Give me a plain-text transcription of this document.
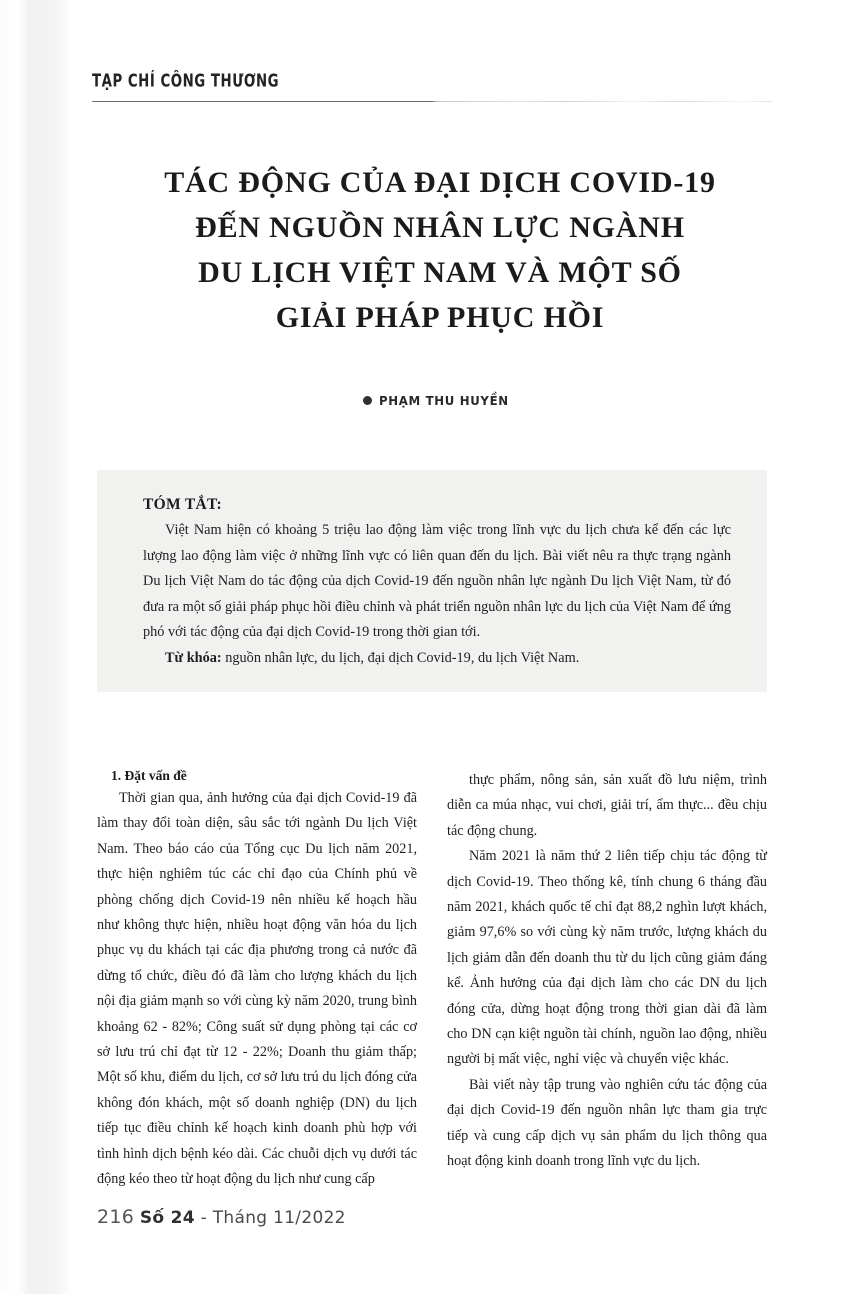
TẠP CHÍ CÔNG THƯƠNG
TÁC ĐỘNG CỦA ĐẠI DỊCH COVID-19
ĐẾN NGUỒN NHÂN LỰC NGÀNH
DU LỊCH VIỆT NAM VÀ MỘT SỐ
GIẢI PHÁP PHỤC HỒI
PHẠM THU HUYỀN
TÓM TẮT:

Việt Nam hiện có khoảng 5 triệu lao động làm việc trong lĩnh vực du lịch chưa kể đến các lực lượng lao động làm việc ở những lĩnh vực có liên quan đến du lịch. Bài viết nêu ra thực trạng ngành Du lịch Việt Nam do tác động của dịch Covid-19 đến nguồn nhân lực ngành Du lịch Việt Nam, từ đó đưa ra một số giải pháp phục hồi điều chỉnh và phát triển nguồn nhân lực du lịch của Việt Nam để ứng phó với tác động của đại dịch Covid-19 trong thời gian tới.

Từ khóa: nguồn nhân lực, du lịch, đại dịch Covid-19, du lịch Việt Nam.

1. Đặt vấn đề

Thời gian qua, ảnh hưởng của đại dịch Covid-19 đã làm thay đổi toàn diện, sâu sắc tới ngành Du lịch Việt Nam. Theo báo cáo của Tổng cục Du lịch năm 2021, thực hiện nghiêm túc các chỉ đạo của Chính phủ về phòng chống dịch Covid-19 nên nhiều kế hoạch hầu như không thực hiện, nhiều hoạt động văn hóa du lịch phục vụ du khách tại các địa phương trong cả nước đã dừng tổ chức, điều đó đã làm cho lượng khách du lịch nội địa giảm mạnh so với cùng kỳ năm 2020, trung bình khoảng 62 - 82%; Công suất sử dụng phòng tại các cơ sở lưu trú chỉ đạt từ 12 - 22%; Doanh thu giảm thấp; Một số khu, điểm du lịch, cơ sở lưu trú du lịch đóng cửa không đón khách, một số doanh nghiệp (DN) du lịch tiếp tục điều chỉnh kế hoạch kinh doanh phù hợp với tình hình dịch bệnh kéo dài. Các chuỗi dịch vụ dưới tác động kéo theo từ hoạt động du lịch như cung cấp

thực phẩm, nông sản, sản xuất đồ lưu niệm, trình diễn ca múa nhạc, vui chơi, giải trí, ẩm thực... đều chịu tác động chung.

Năm 2021 là năm thứ 2 liên tiếp chịu tác động từ dịch Covid-19. Theo thống kê, tính chung 6 tháng đầu năm 2021, khách quốc tế chỉ đạt 88,2 nghìn lượt khách, giảm 97,6% so với cùng kỳ năm trước, lượng khách du lịch giảm dẫn đến doanh thu từ du lịch cũng giảm đáng kể. Ảnh hưởng của đại dịch làm cho các DN du lịch đóng cửa, dừng hoạt động trong thời gian dài đã làm cho DN cạn kiệt nguồn tài chính, nguồn lao động, nhiều người bị mất việc, nghỉ việc và chuyển việc khác.

Bài viết này tập trung vào nghiên cứu tác động của đại dịch Covid-19 đến nguồn nhân lực tham gia trực tiếp và cung cấp dịch vụ sản phẩm du lịch thông qua hoạt động kinh doanh trong lĩnh vực du lịch.

216 Số 24 - Tháng 11/2022
